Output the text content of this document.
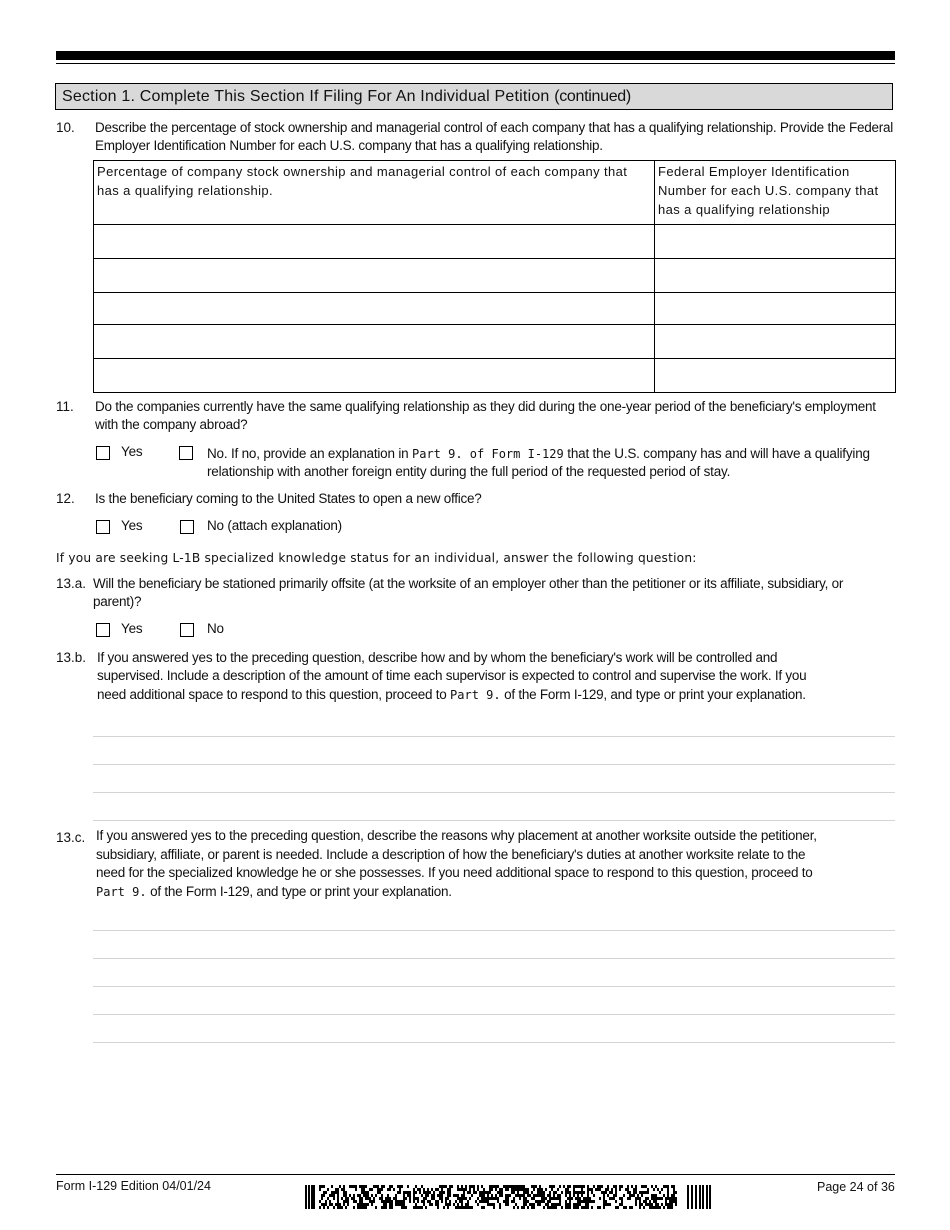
Section 1. Complete This Section If Filing For An Individual Petition (continued)
10. Describe the percentage of stock ownership and managerial control of each company that has a qualifying relationship. Provide the Federal Employer Identification Number for each U.S. company that has a qualifying relationship.
Percentage of company stock ownership and managerial control of each company that has a qualifying relationship.	Federal Employer Identification Number for each U.S. company that has a qualifying relationship

11. Do the companies currently have the same qualifying relationship as they did during the one-year period of the beneficiary's employment with the company abroad?
Yes	No. If no, provide an explanation in Part 9. of Form I-129 that the U.S. company has and will have a qualifying
relationship with another foreign entity during the full period of the requested period of stay.
12. Is the beneficiary coming to the United States to open a new office?
Yes	No (attach explanation)
If you are seeking L-1B specialized knowledge status for an individual, answer the following question:
13.a. Will the beneficiary be stationed primarily offsite (at the worksite of an employer other than the petitioner or its affiliate, subsidiary, or parent)?
Yes	No
13.b. If you answered yes to the preceding question, describe how and by whom the beneficiary's work will be controlled and
supervised. Include a description of the amount of time each supervisor is expected to control and supervise the work. If you
need additional space to respond to this question, proceed to Part 9. of the Form I-129, and type or print your explanation.
13.c. If you answered yes to the preceding question, describe the reasons why placement at another worksite outside the petitioner,
subsidiary, affiliate, or parent is needed. Include a description of how the beneficiary's duties at another worksite relate to the
need for the specialized knowledge he or she possesses. If you need additional space to respond to this question, proceed to
Part 9. of the Form I-129, and type or print your explanation.
Form I-129 Edition 04/01/24	Page 24 of 36
